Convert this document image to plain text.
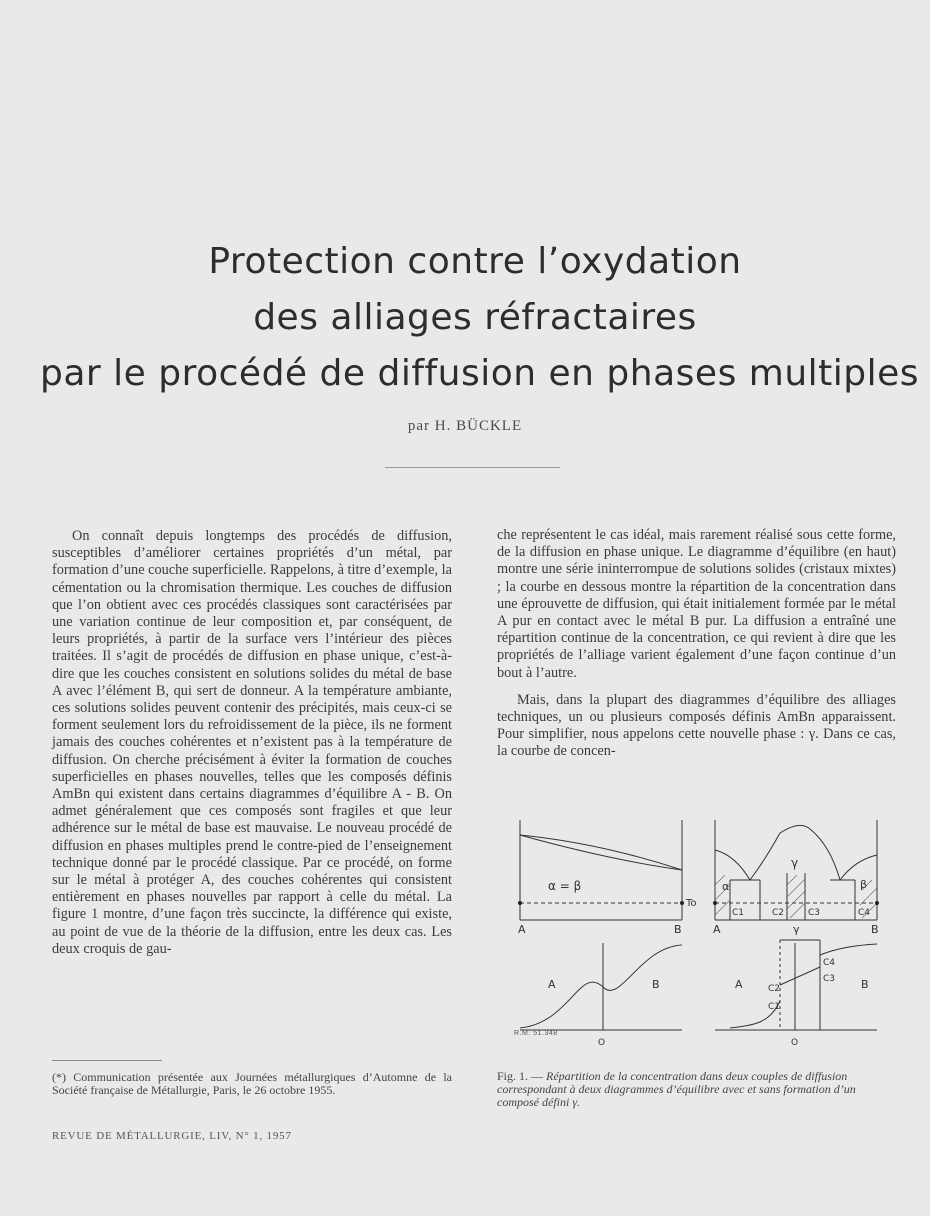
Protection contre l’oxydation
des alliages réfractaires
par le procédé de diffusion en phases multiples
par H. BÜCKLE

On connaît depuis longtemps des procédés de diffusion, susceptibles d’améliorer certaines propriétés d’un métal, par formation d’une couche superficielle. Rappelons, à titre d’exemple, la cémentation ou la chromisation thermique. Les couches de diffusion que l’on obtient avec ces procédés classiques sont caractérisées par une variation continue de leur composition et, par conséquent, de leurs propriétés, à partir de la surface vers l’intérieur des pièces traitées. Il s’agit de procédés de diffusion en phase unique, c’est-à-dire que les couches consistent en solutions solides du métal de base A avec l’élément B, qui sert de donneur. A la température ambiante, ces solutions solides peuvent contenir des précipités, mais ceux-ci se forment seulement lors du refroidissement de la pièce, ils ne forment jamais des couches cohérentes et n’existent pas à la température de diffusion. On cherche précisément à éviter la formation de couches superficielles en phases nouvelles, telles que les composés définis AmBn qui existent dans certains diagrammes d’équilibre A - B. On admet généralement que ces composés sont fragiles et que leur adhérence sur le métal de base est mauvaise. Le nouveau procédé de diffusion en phases multiples prend le contre-pied de l’enseignement technique donné par le procédé classique. Par ce procédé, on forme sur le métal à protéger A, des couches cohérentes qui consistent entièrement en phases nouvelles par rapport à celle du métal. La figure 1 montre, d’une façon très succincte, la différence qui existe, au point de vue de la théorie de la diffusion, entre les deux cas. Les deux croquis de gau-

che représentent le cas idéal, mais rarement réalisé sous cette forme, de la diffusion en phase unique. Le diagramme d’équilibre (en haut) montre une série ininterrompue de solutions solides (cristaux mixtes) ; la courbe en dessous montre la répartition de la concentration dans une éprouvette de diffusion, qui était initialement formée par le métal A pur en contact avec le métal B pur. La diffusion a entraîné une répartition continue de la concentration, ce qui revient à dire que les propriétés de l’alliage varient également d’une façon continue d’un bout à l’autre.

Mais, dans la plupart des diagrammes d’équilibre des alliages techniques, un ou plusieurs composés définis AmBn apparaissent. Pour simplifier, nous appelons cette nouvelle phase : γ. Dans ce cas, la courbe de concen-

α = β
To
A	B
A	B
O
α
γ
β
C1	C2	C3	C4
A	γ	B
A	B
C1
C2
C3
C4
O
R.M. 51.348
Fig. 1. — Répartition de la concentration dans deux couples de diffusion correspondant à deux diagrammes d’équilibre avec et sans formation d’un composé défini γ.
(*) Communication présentée aux Journées métallurgiques d’Automne de la Société française de Métallurgie, Paris, le 26 octobre 1955.
REVUE DE MÉTALLURGIE, LIV, N° 1, 1957
